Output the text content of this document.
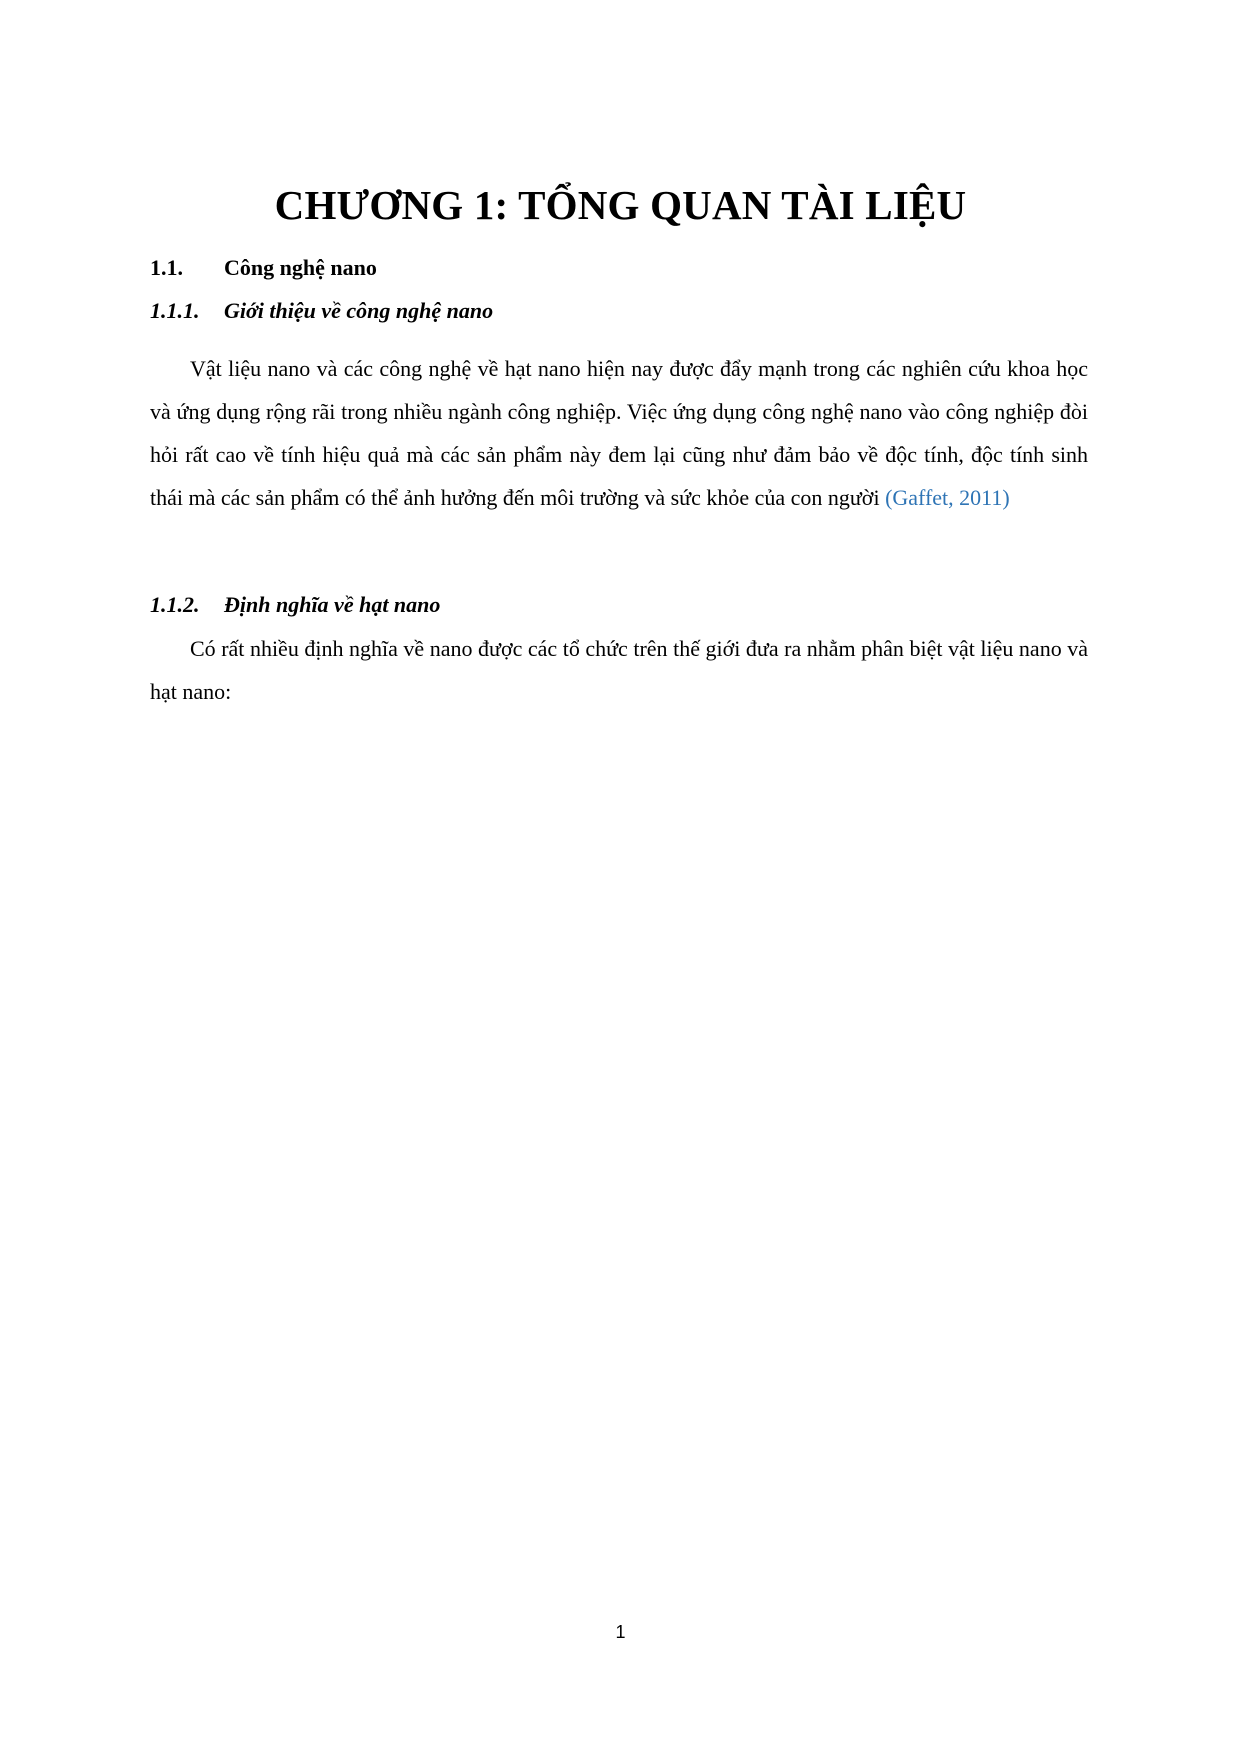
CHƯƠNG 1: TỔNG QUAN TÀI LIỆU
1.1. Công nghệ nano
1.1.1. Giới thiệu về công nghệ nano

Vật liệu nano và các công nghệ về hạt nano hiện nay được đẩy mạnh trong các nghiên cứu khoa học và ứng dụng rộng rãi trong nhiều ngành công nghiệp. Việc ứng dụng công nghệ nano vào công nghiệp đòi hỏi rất cao về tính hiệu quả mà các sản phẩm này đem lại cũng như đảm bảo về độc tính, độc tính sinh thái mà các sản phẩm có thể ảnh hưởng đến môi trường và sức khỏe của con người (Gaffet, 2011)

1.1.2. Định nghĩa về hạt nano

Có rất nhiều định nghĩa về nano được các tổ chức trên thế giới đưa ra nhằm phân biệt vật liệu nano và hạt nano:

1
